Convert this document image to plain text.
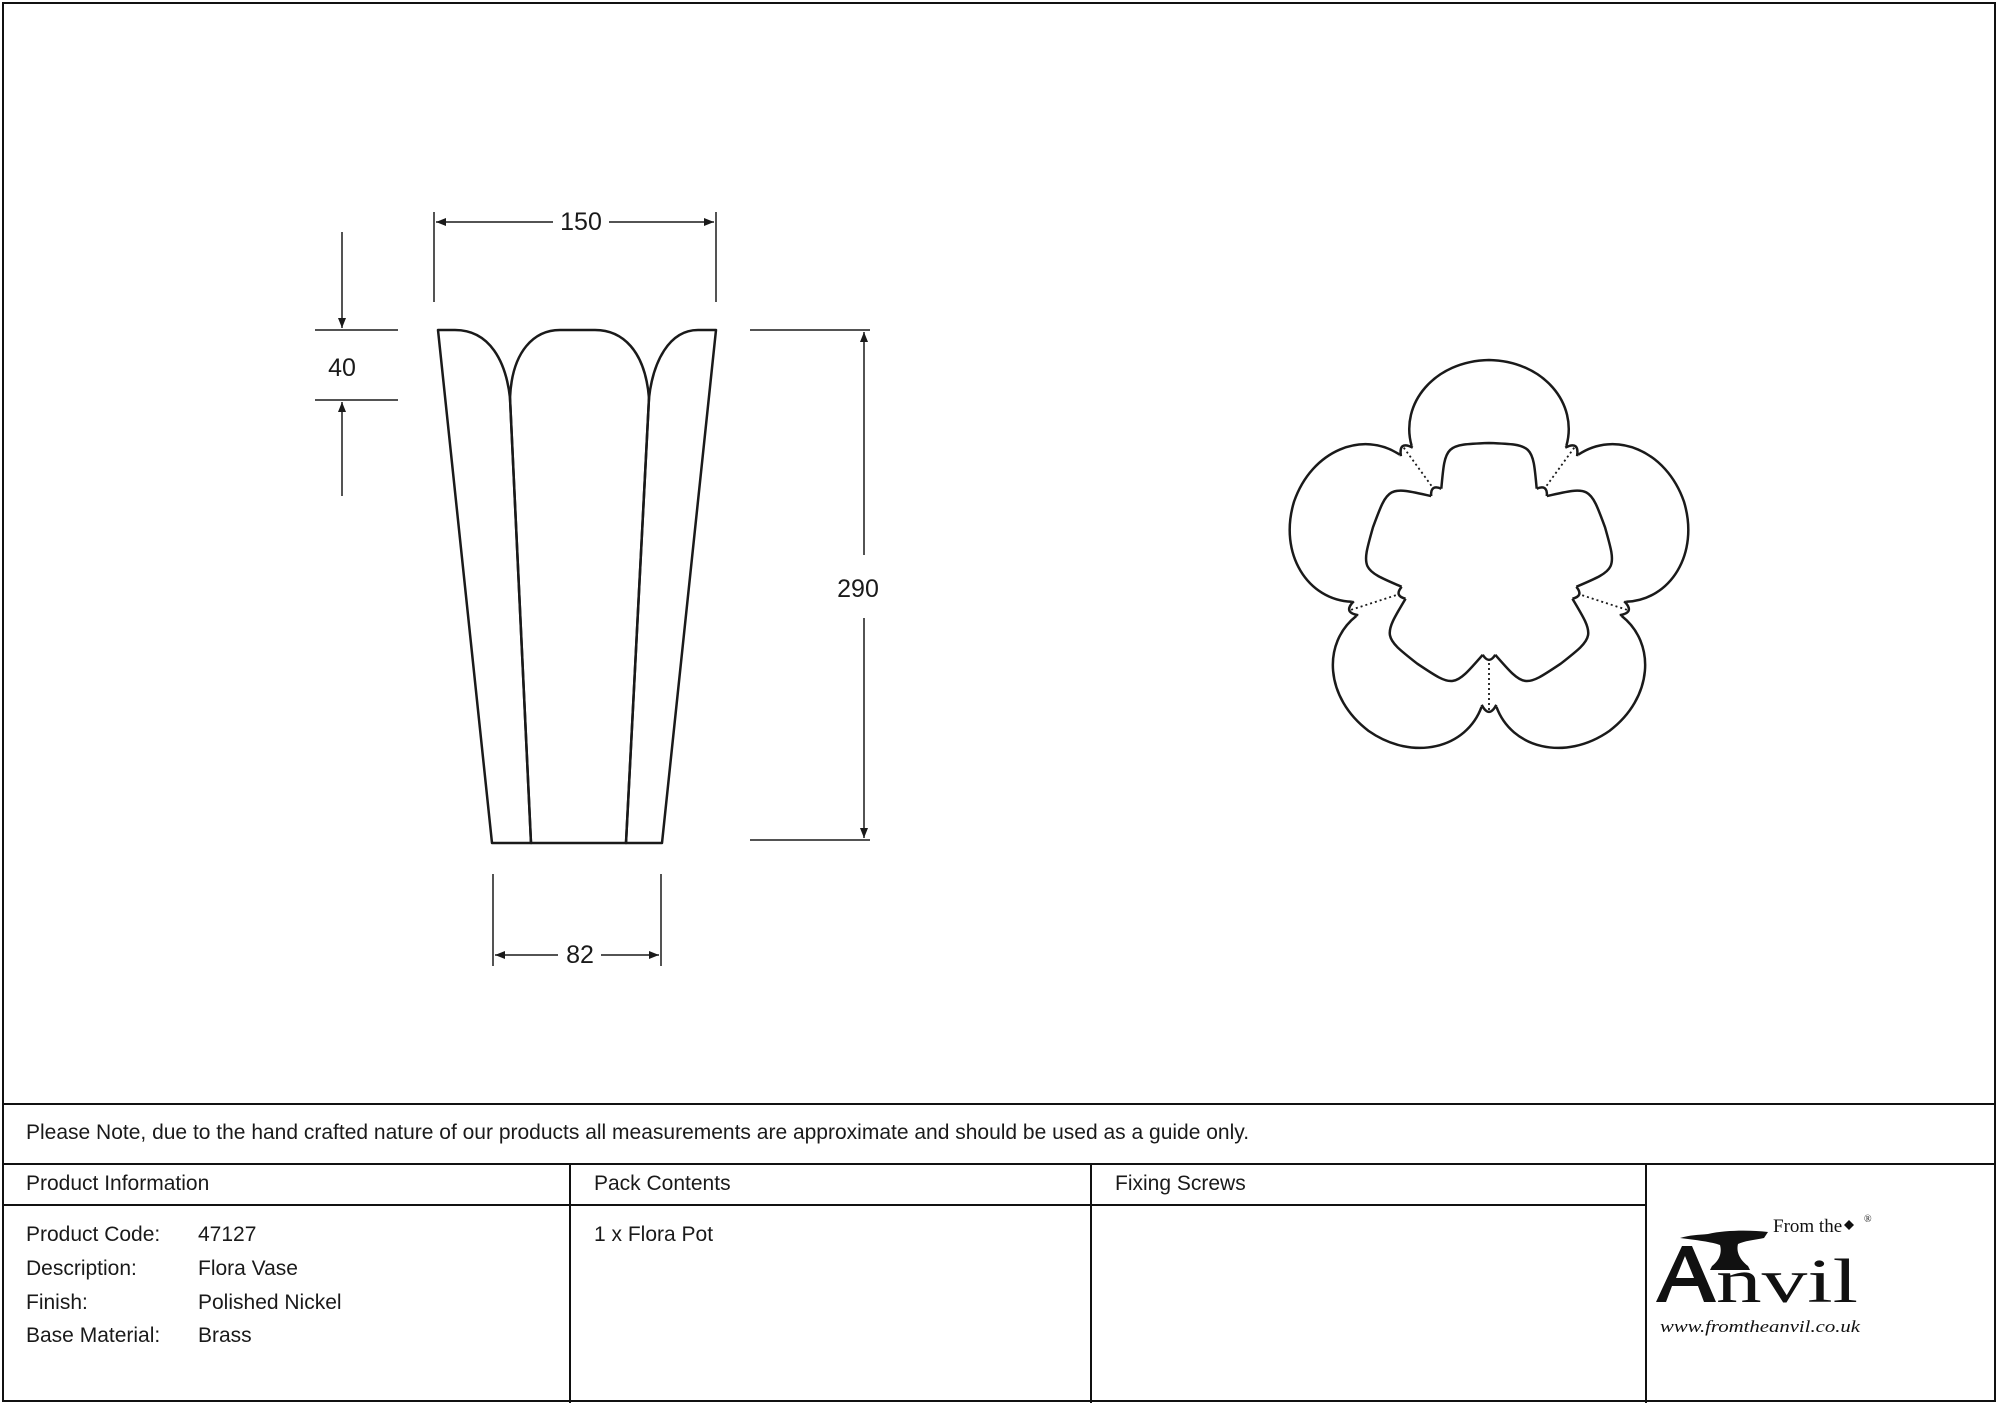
150
40
290
82
Please Note, due to the hand crafted nature of our products all measurements are approximate and should be used as a guide only.
Product Information
Product Code: 47127
Description:	Flora Vase
Finish:	Polished Nickel
Base Material: Brass
Pack Contents
1 x Flora Pot
Fixing Screws
From the ®
nvil
www.fromtheanvil.co.uk
